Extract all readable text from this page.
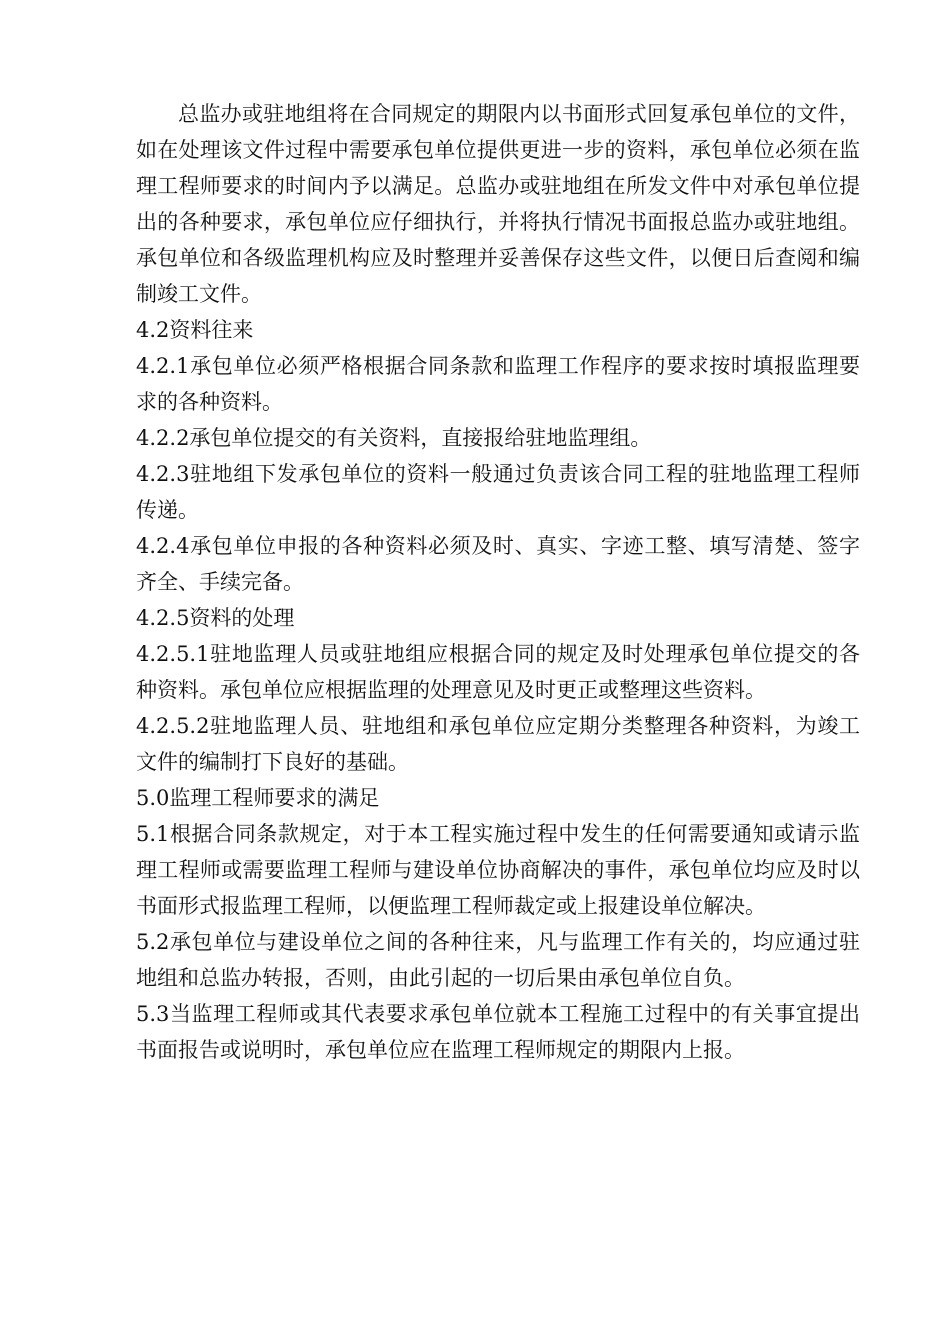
总监办或驻地组将在合同规定的期限内以书面形式回复承包单位的文件，如在处理该文件过程中需要承包单位提供更进一步的资料，承包单位必须在监理工程师要求的时间内予以满足。总监办或驻地组在所发文件中对承包单位提出的各种要求，承包单位应仔细执行，并将执行情况书面报总监办或驻地组。承包单位和各级监理机构应及时整理并妥善保存这些文件，以便日后查阅和编制竣工文件。

4.2资料往来

4.2.1承包单位必须严格根据合同条款和监理工作程序的要求按时填报监理要求的各种资料。

4.2.2承包单位提交的有关资料，直接报给驻地监理组。

4.2.3驻地组下发承包单位的资料一般通过负责该合同工程的驻地监理工程师传递。

4.2.4承包单位申报的各种资料必须及时、真实、字迹工整、填写清楚、签字齐全、手续完备。

4.2.5资料的处理

4.2.5.1驻地监理人员或驻地组应根据合同的规定及时处理承包单位提交的各种资料。承包单位应根据监理的处理意见及时更正或整理这些资料。

4.2.5.2驻地监理人员、驻地组和承包单位应定期分类整理各种资料，为竣工文件的编制打下良好的基础。

5.0监理工程师要求的满足

5.1根据合同条款规定，对于本工程实施过程中发生的任何需要通知或请示监理工程师或需要监理工程师与建设单位协商解决的事件，承包单位均应及时以书面形式报监理工程师，以便监理工程师裁定或上报建设单位解决。

5.2承包单位与建设单位之间的各种往来，凡与监理工作有关的，均应通过驻地组和总监办转报，否则，由此引起的一切后果由承包单位自负。

5.3当监理工程师或其代表要求承包单位就本工程施工过程中的有关事宜提出书面报告或说明时，承包单位应在监理工程师规定的期限内上报。
